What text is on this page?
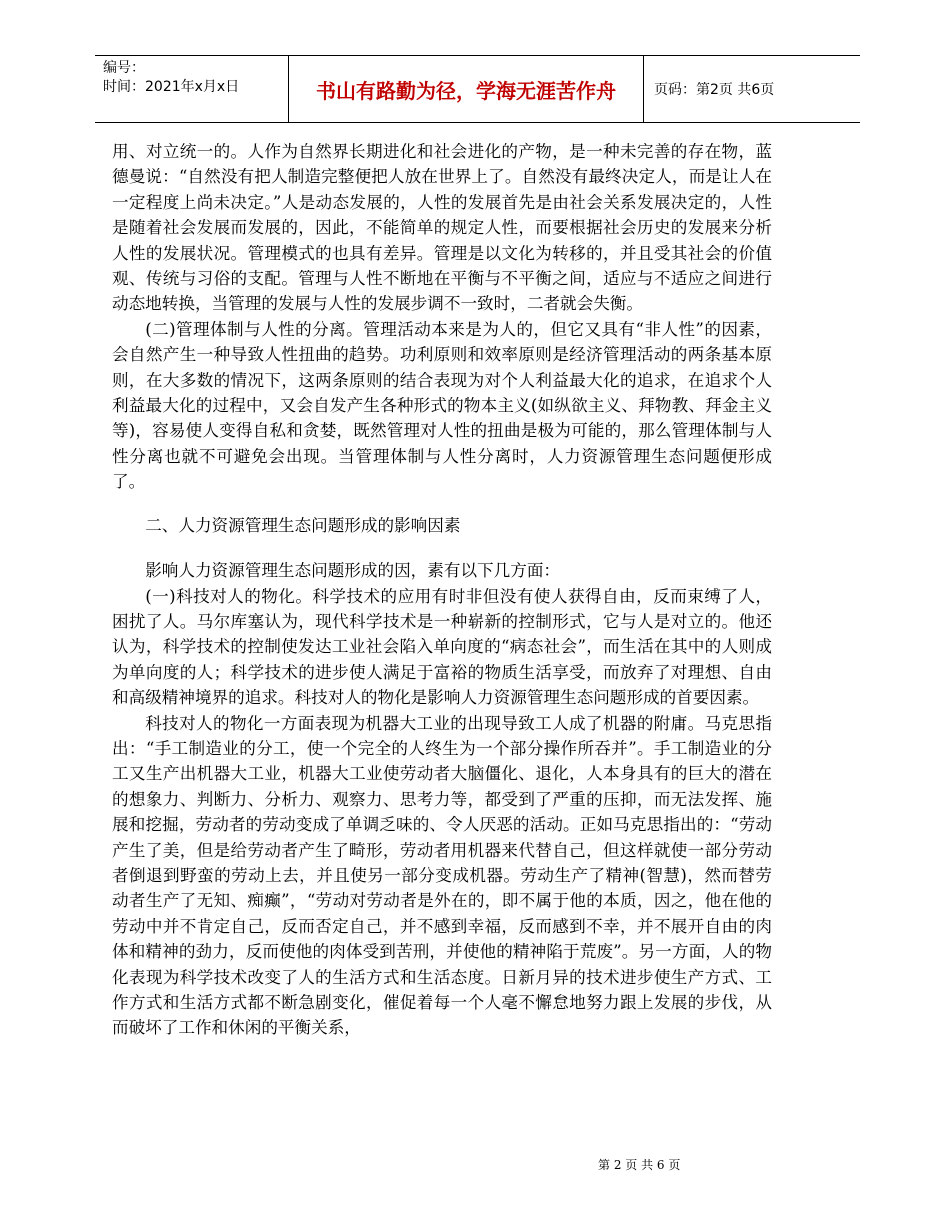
编号：
时间：2021年x月x日	书山有路勤为径，学海无涯苦作舟	页码：第2页 共6页

用、对立统一的。人作为自然界长期进化和社会进化的产物，是一种未完善的存在物，蓝德曼说：“自然没有把人制造完整便把人放在世界上了。自然没有最终决定人，而是让人在一定程度上尚未决定。”人是动态发展的，人性的发展首先是由社会关系发展决定的，人性是随着社会发展而发展的，因此，不能简单的规定人性，而要根据社会历史的发展来分析人性的发展状况。管理模式的也具有差异。管理是以文化为转移的，并且受其社会的价值观、传统与习俗的支配。管理与人性不断地在平衡与不平衡之间，适应与不适应之间进行动态地转换，当管理的发展与人性的发展步调不一致时，二者就会失衡。

(二)管理体制与人性的分离。管理活动本来是为人的，但它又具有“非人性”的因素，会自然产生一种导致人性扭曲的趋势。功利原则和效率原则是经济管理活动的两条基本原则，在大多数的情况下，这两条原则的结合表现为对个人利益最大化的追求，在追求个人利益最大化的过程中，又会自发产生各种形式的物本主义(如纵欲主义、拜物教、拜金主义等)，容易使人变得自私和贪婪，既然管理对人性的扭曲是极为可能的，那么管理体制与人性分离也就不可避免会出现。当管理体制与人性分离时，人力资源管理生态问题便形成了。

二、人力资源管理生态问题形成的影响因素

影响人力资源管理生态问题形成的因，素有以下几方面：

(一)科技对人的物化。科学技术的应用有时非但没有使人获得自由，反而束缚了人，困扰了人。马尔库塞认为，现代科学技术是一种崭新的控制形式，它与人是对立的。他还认为，科学技术的控制使发达工业社会陷入单向度的“病态社会”，而生活在其中的人则成为单向度的人；科学技术的进步使人满足于富裕的物质生活享受，而放弃了对理想、自由和高级精神境界的追求。科技对人的物化是影响人力资源管理生态问题形成的首要因素。

科技对人的物化一方面表现为机器大工业的出现导致工人成了机器的附庸。马克思指出：“手工制造业的分工，使一个完全的人终生为一个部分操作所吞并”。手工制造业的分工又生产出机器大工业，机器大工业使劳动者大脑僵化、退化，人本身具有的巨大的潜在的想象力、判断力、分析力、观察力、思考力等，都受到了严重的压抑，而无法发挥、施展和挖掘，劳动者的劳动变成了单调乏味的、令人厌恶的活动。正如马克思指出的：“劳动产生了美，但是给劳动者产生了畸形，劳动者用机器来代替自己，但这样就使一部分劳动者倒退到野蛮的劳动上去，并且使另一部分变成机器。劳动生产了精神(智慧)，然而替劳动者生产了无知、痴癫”，“劳动对劳动者是外在的，即不属于他的本质，因之，他在他的劳动中并不肯定自己，反而否定自己，并不感到幸福，反而感到不幸，并不展开自由的肉体和精神的劲力，反而使他的肉体受到苦刑，并使他的精神陷于荒废”。另一方面，人的物化表现为科学技术改变了人的生活方式和生活态度。日新月异的技术进步使生产方式、工作方式和生活方式都不断急剧变化，催促着每一个人毫不懈怠地努力跟上发展的步伐，从而破坏了工作和休闲的平衡关系，

第 2 页 共 6 页
